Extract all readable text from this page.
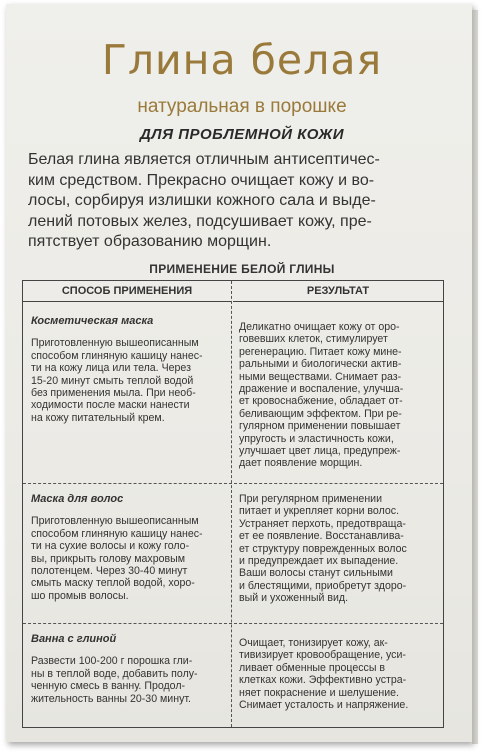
Глина белая
натуральная в порошке
ДЛЯ ПРОБЛЕМНОЙ КОЖИ
Белая глина является отличным антисептичес-
ким средством. Прекрасно очищает кожу и во-
лосы, сорбируя излишки кожного сала и выде-
лений потовых желез, подсушивает кожу, пре-
пятствует образованию морщин.
ПРИМЕНЕНИЕ БЕЛОЙ ГЛИНЫ
СПОСОБ ПРИМЕНЕНИЯ	РЕЗУЛЬТАТ
Косметическая маска
Приготовленную вышеописанным
способом глиняную кашицу нанес-
ти на кожу лица или тела. Через
15-20 минут смыть теплой водой
без применения мыла. При необ-
ходимости после маски нанести
на кожу питательный крем.
Деликатно очищает кожу от оро-
говевших клеток, стимулирует
регенерацию. Питает кожу мине-
ральными и биологически актив-
ными веществами. Снимает раз-
дражение и воспаление, улучша-
ет кровоснабжение, обладает от-
беливающим эффектом. При ре-
гулярном применении повышает
упругость и эластичность кожи,
улучшает цвет лица, предупреж-
дает появление морщин.
Маска для волос
Приготовленную вышеописанным
способом глиняную кашицу нанес-
ти на сухие волосы и кожу голо-
вы, прикрыть голову махровым
полотенцем. Через 30-40 минут
смыть маску теплой водой, хоро-
шо промыв волосы.
При регулярном применении
питает и укрепляет корни волос.
Устраняет перхоть, предотвраща-
ет ее появление. Восстанавлива-
ет структуру поврежденных волос
и предупреждает их выпадение.
Ваши волосы станут сильными
и блестящими, приобретут здоро-
вый и ухоженный вид.
Ванна с глиной
Развести 100-200 г порошка гли-
ны в теплой воде, добавить полу-
ченную смесь в ванну. Продол-
жительность ванны 20-30 минут.
Очищает, тонизирует кожу, ак-
тивизирует кровообращение, уси-
ливает обменные процессы в
клетках кожи. Эффективно устра-
няет покраснение и шелушение.
Снимает усталость и напряжение.
